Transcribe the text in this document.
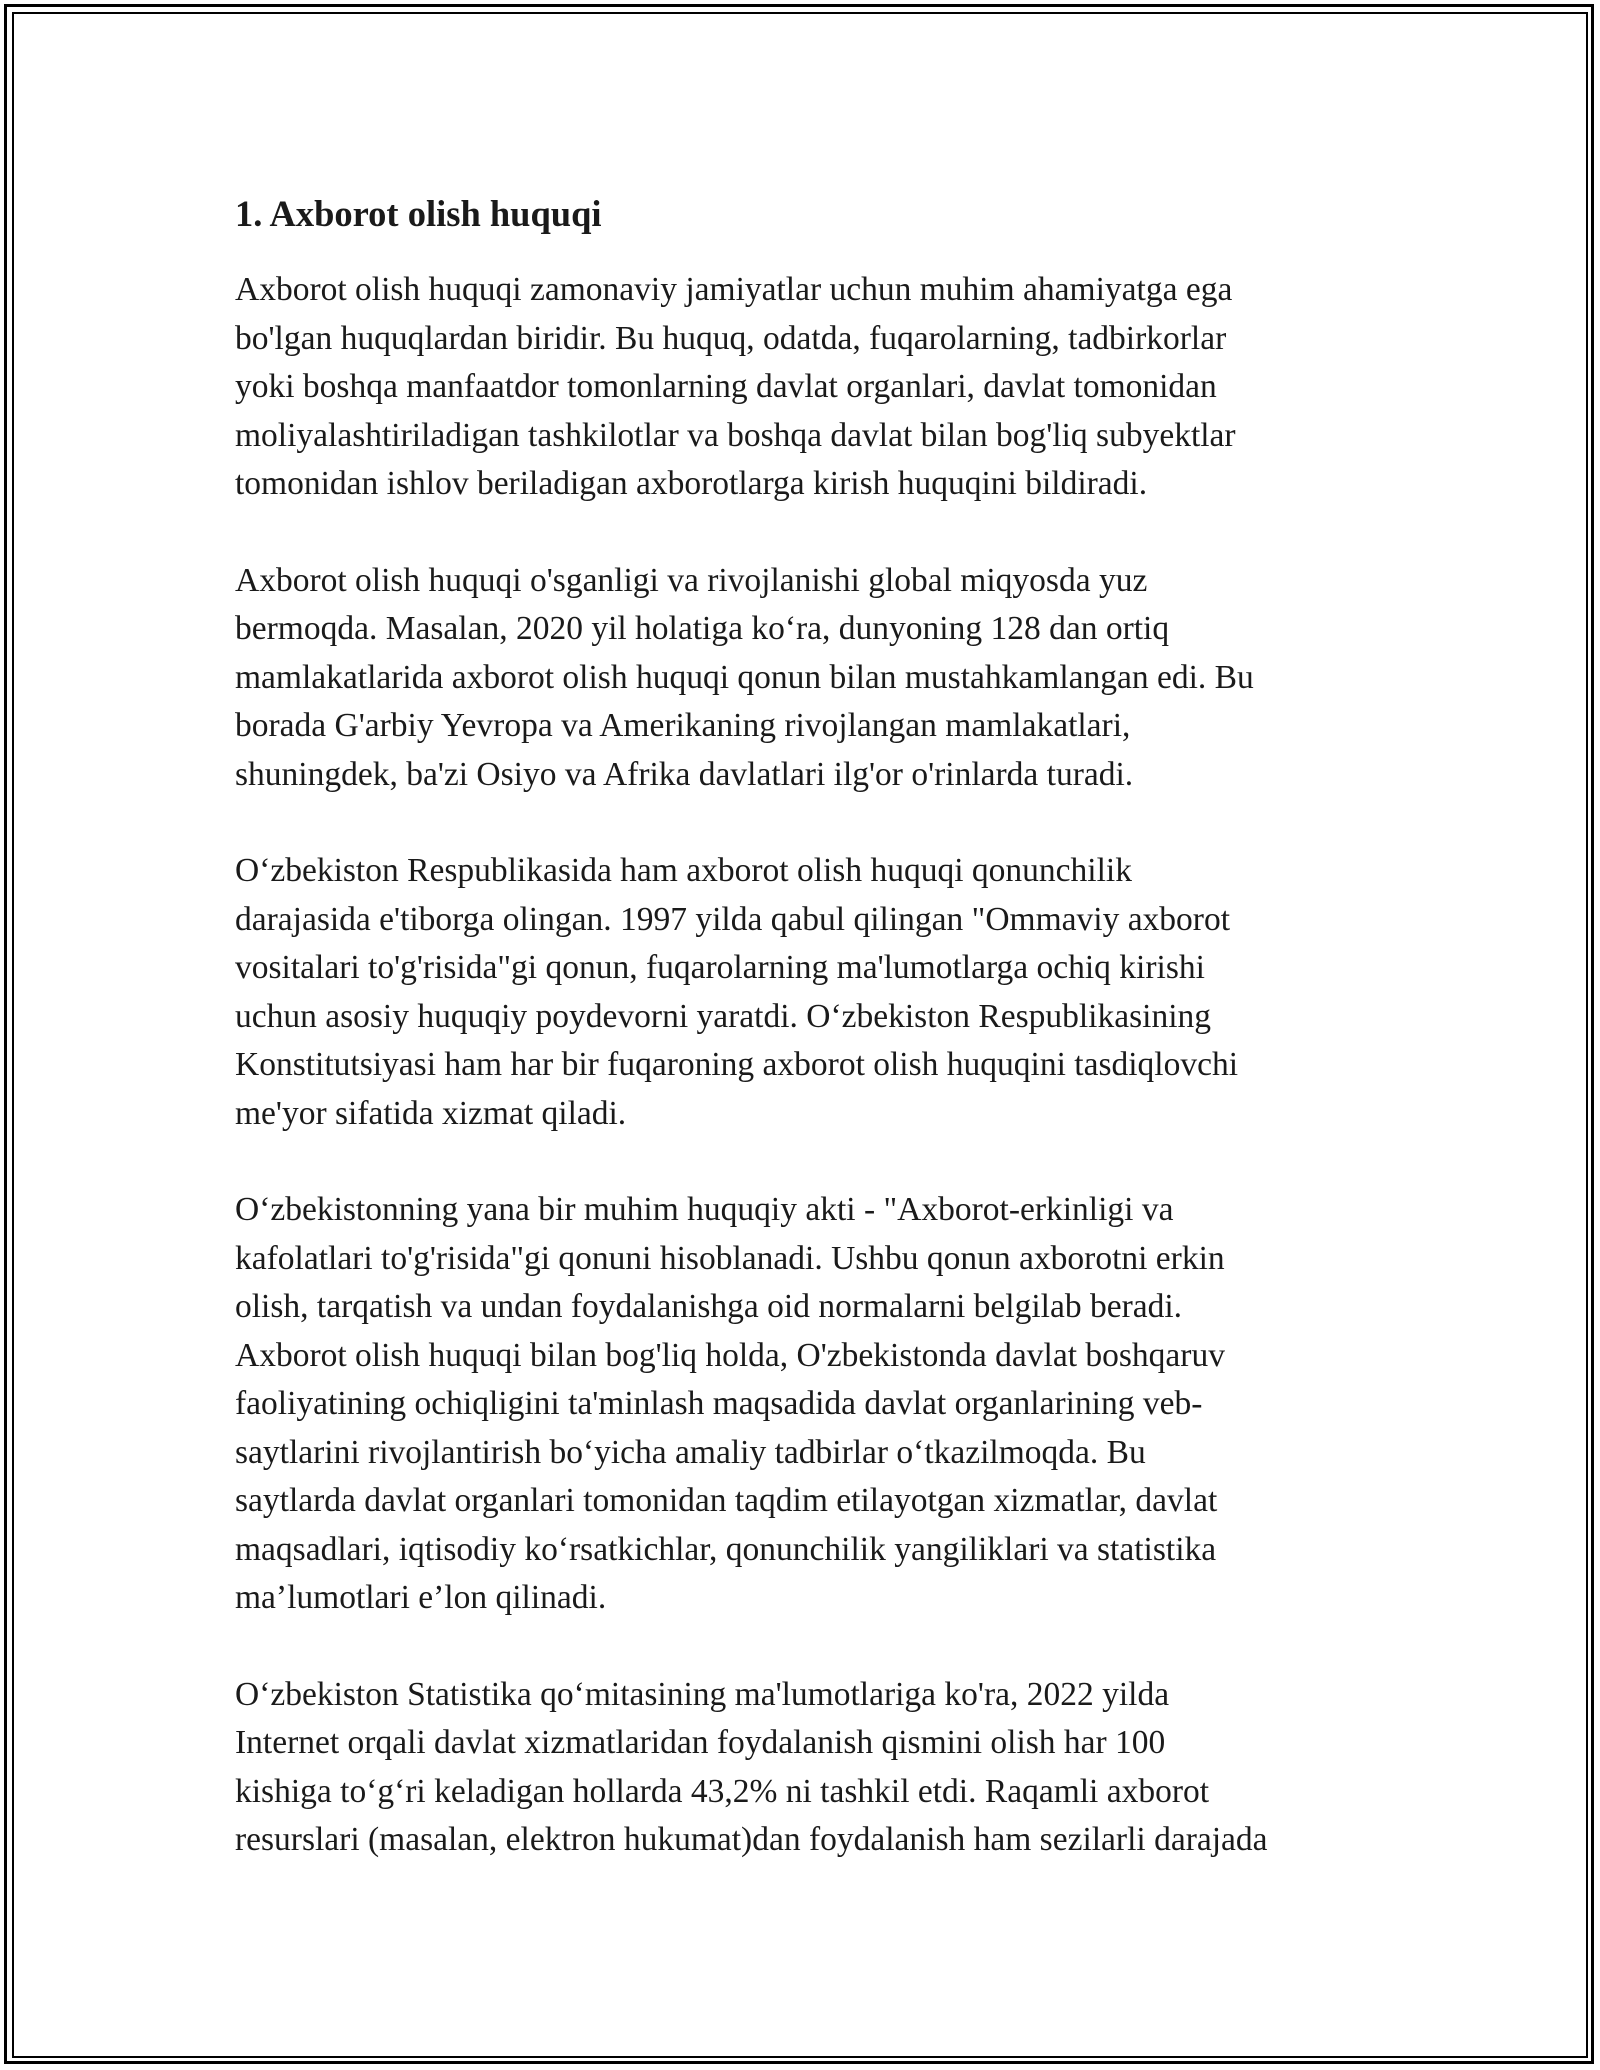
1. Axborot olish huquqi

Axborot olish huquqi zamonaviy jamiyatlar uchun muhim ahamiyatga ega
bo'lgan huquqlardan biridir. Bu huquq, odatda, fuqarolarning, tadbirkorlar
yoki boshqa manfaatdor tomonlarning davlat organlari, davlat tomonidan
moliyalashtiriladigan tashkilotlar va boshqa davlat bilan bog'liq subyektlar
tomonidan ishlov beriladigan axborotlarga kirish huquqini bildiradi.

Axborot olish huquqi o'sganligi va rivojlanishi global miqyosda yuz
bermoqda. Masalan, 2020 yil holatiga ko‘ra, dunyoning 128 dan ortiq
mamlakatlarida axborot olish huquqi qonun bilan mustahkamlangan edi. Bu
borada G'arbiy Yevropa va Amerikaning rivojlangan mamlakatlari,
shuningdek, ba'zi Osiyo va Afrika davlatlari ilg'or o'rinlarda turadi.

O‘zbekiston Respublikasida ham axborot olish huquqi qonunchilik
darajasida e'tiborga olingan. 1997 yilda qabul qilingan "Ommaviy axborot
vositalari to'g'risida"gi qonun, fuqarolarning ma'lumotlarga ochiq kirishi
uchun asosiy huquqiy poydevorni yaratdi. O‘zbekiston Respublikasining
Konstitutsiyasi ham har bir fuqaroning axborot olish huquqini tasdiqlovchi
me'yor sifatida xizmat qiladi.

O‘zbekistonning yana bir muhim huquqiy akti - "Axborot-erkinligi va
kafolatlari to'g'risida"gi qonuni hisoblanadi. Ushbu qonun axborotni erkin
olish, tarqatish va undan foydalanishga oid normalarni belgilab beradi.
Axborot olish huquqi bilan bog'liq holda, O'zbekistonda davlat boshqaruv
faoliyatining ochiqligini ta'minlash maqsadida davlat organlarining veb-
saytlarini rivojlantirish bo‘yicha amaliy tadbirlar o‘tkazilmoqda. Bu
saytlarda davlat organlari tomonidan taqdim etilayotgan xizmatlar, davlat
maqsadlari, iqtisodiy ko‘rsatkichlar, qonunchilik yangiliklari va statistika
ma’lumotlari e’lon qilinadi.

O‘zbekiston Statistika qo‘mitasining ma'lumotlariga ko'ra, 2022 yilda
Internet orqali davlat xizmatlaridan foydalanish qismini olish har 100
kishiga to‘g‘ri keladigan hollarda 43,2% ni tashkil etdi. Raqamli axborot
resurslari (masalan, elektron hukumat)dan foydalanish ham sezilarli darajada
